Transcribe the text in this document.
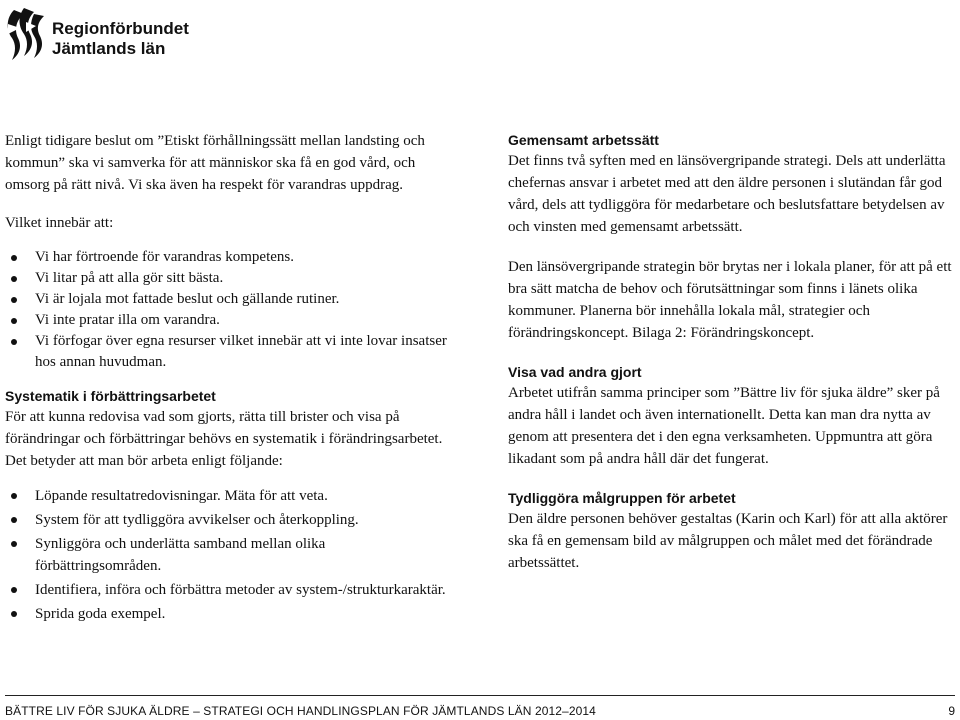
Regionförbundet
Jämtlands län

Enligt tidigare beslut om ”Etiskt förhållningssätt mellan landsting och kommun” ska vi samverka för att människor ska få en god vård, och omsorg på rätt nivå. Vi ska även ha respekt för varandras uppdrag.

Vilket innebär att:

Vi har förtroende för varandras kompetens.
Vi litar på att alla gör sitt bästa.
Vi är lojala mot fattade beslut och gällande rutiner.
Vi inte pratar illa om varandra.
Vi förfogar över egna resurser vilket innebär att vi inte lovar insatser hos annan huvudman.
Systematik i förbättringsarbetet

För att kunna redovisa vad som gjorts, rätta till brister och visa på förändringar och förbättringar behövs en systematik i förändringsarbetet. Det betyder att man bör arbeta enligt följande:

Löpande resultatredovisningar. Mäta för att veta.
System för att tydliggöra avvikelser och återkoppling.
Synliggöra och underlätta samband mellan olika förbättringsområden.
Identifiera, införa och förbättra metoder av system-/strukturkaraktär.
Sprida goda exempel.
Gemensamt arbetssätt

Det finns två syften med en länsövergripande strategi. Dels att underlätta chefernas ansvar i arbetet med att den äldre personen i slutändan får god vård, dels att tydliggöra för medarbetare och beslutsfattare betydelsen av och vinsten med gemensamt arbetssätt.

Den länsövergripande strategin bör brytas ner i lokala planer, för att på ett bra sätt matcha de behov och förutsättningar som finns i länets olika kommuner. Planerna bör innehålla lokala mål, strategier och förändringskoncept. Bilaga 2: Förändringskoncept.

Visa vad andra gjort

Arbetet utifrån samma principer som ”Bättre liv för sjuka äldre” sker på andra håll i landet och även internationellt. Detta kan man dra nytta av genom att presentera det i den egna verksamheten. Uppmuntra att göra likadant som på andra håll där det fungerat.

Tydliggöra målgruppen för arbetet

Den äldre personen behöver gestaltas (Karin och Karl) för att alla aktörer ska få en gemensam bild av målgruppen och målet med det förändrade arbetssättet.

BÄTTRE LIV FÖR SJUKA ÄLDRE – STRATEGI OCH HANDLINGSPLAN FÖR JÄMTLANDS LÄN 2012–2014	9
